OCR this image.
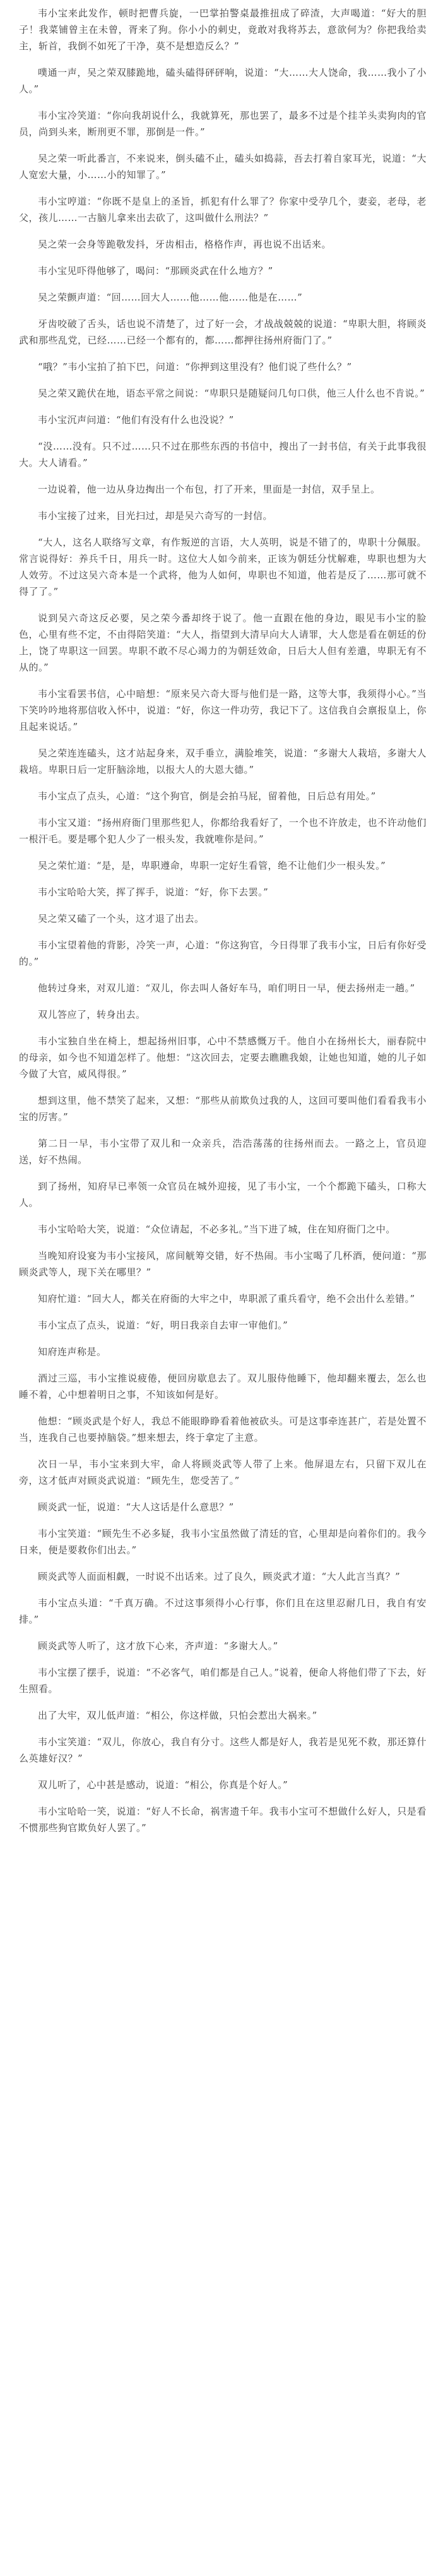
韦小宝来此发作，顿时把曹兵旋，一巴掌拍警桌最推扭成了碎渣，大声喝道：“好大的胆子！我菜铺曾主在未曾，胥来了狗。你小小的刺史，竟敢对我将苏去，意欲何为？你把我给卖主，斩首，我倒不如死了干净，莫不是想造反么？”

噗通一声，吴之荣双膝跪地，磕头磕得砰砰响，说道：“大……大人饶命，我……我小了小人。”

韦小宝冷笑道：“你向我胡说什么，我就算死，那也罢了，最多不过是个挂羊头卖狗肉的官员，尚到头来，断刑更不罪，那倒是一件。”

吴之荣一听此番言，不来说来，倒头磕不止，磕头如捣蒜，吾去打着自家耳光，说道：“大人宽宏大量，小……小的知罪了。”

韦小宝哼道：“你既不是皇上的圣旨，抓犯有什么罪了？你家中受孕几个，妻妾，老母，老父，孩儿……一古脑儿拿来出去砍了，这叫做什么刑法？”

吴之荣一会身等跪敬发抖，牙齿相击，格格作声，再也说不出话来。

韦小宝见吓得他够了，喝问：“那顾炎武在什么地方？”

吴之荣颤声道：“回……回大人……他……他……他是在……”

牙齿咬破了舌头，话也说不清楚了，过了好一会，才战战兢兢的说道：“卑职大胆，将顾炎武和那些乱党，已经……已经一个都有的，都……都押往扬州府衙门了。”

“哦？”韦小宝拍了拍下巴，问道：“你押到这里没有？他们说了些什么？”

吴之荣又跪伏在地，语态平常之间说：“卑职只是随疑问几句口供，他三人什么也不肯说。”

韦小宝沉声问道：“他们有没有什么也没说？”

“没……没有。只不过……只不过在那些东西的书信中，搜出了一封书信，有关于此事我很大。大人请看。”

一边说着，他一边从身边掏出一个布包，打了开来，里面是一封信，双手呈上。

韦小宝接了过来，目光扫过，却是吴六奇写的一封信。

“大人，这名人联络写文章，有作叛逆的言语，大人英明，说是不错了的，卑职十分佩服。常言说得好：养兵千日，用兵一时。这位大人如今前来，正该为朝廷分忧解难，卑职也想为大人效劳。不过这吴六奇本是一个武将，他为人如何，卑职也不知道，他若是反了……那可就不得了了。”

说到吴六奇这反必要，吴之荣今番却终于说了。他一直跟在他的身边，眼见韦小宝的脸色，心里有些不定，不由得陪笑道：“大人，指望到大清早向大人请罪，大人您是看在朝廷的份上，饶了卑职这一回罢。卑职不敢不尽心竭力的为朝廷效命，日后大人但有差遣，卑职无有不从的。”

韦小宝看罢书信，心中暗想：“原来吴六奇大哥与他们是一路，这等大事，我须得小心。”当下笑吟吟地将那信收入怀中，说道：“好，你这一件功劳，我记下了。这信我自会禀报皇上，你且起来说话。”

吴之荣连连磕头，这才站起身来，双手垂立，满脸堆笑，说道：“多谢大人栽培，多谢大人栽培。卑职日后一定肝脑涂地，以报大人的大恩大德。”

韦小宝点了点头，心道：“这个狗官，倒是会拍马屁，留着他，日后总有用处。”

韦小宝又道：“扬州府衙门里那些犯人，你都给我看好了，一个也不许放走，也不许动他们一根汗毛。要是哪个犯人少了一根头发，我就唯你是问。”

吴之荣忙道：“是，是，卑职遵命，卑职一定好生看管，绝不让他们少一根头发。”

韦小宝哈哈大笑，挥了挥手，说道：“好，你下去罢。”

吴之荣又磕了一个头，这才退了出去。

韦小宝望着他的背影，冷笑一声，心道：“你这狗官，今日得罪了我韦小宝，日后有你好受的。”

他转过身来，对双儿道：“双儿，你去叫人备好车马，咱们明日一早，便去扬州走一趟。”

双儿答应了，转身出去。

韦小宝独自坐在椅上，想起扬州旧事，心中不禁感慨万千。他自小在扬州长大，丽春院中的母亲，如今也不知道怎样了。他想：“这次回去，定要去瞧瞧我娘，让她也知道，她的儿子如今做了大官，威风得很。”

想到这里，他不禁笑了起来，又想：“那些从前欺负过我的人，这回可要叫他们看看我韦小宝的厉害。”

第二日一早，韦小宝带了双儿和一众亲兵，浩浩荡荡的往扬州而去。一路之上，官员迎送，好不热闹。

到了扬州，知府早已率领一众官员在城外迎接，见了韦小宝，一个个都跪下磕头，口称大人。

韦小宝哈哈大笑，说道：“众位请起，不必多礼。”当下进了城，住在知府衙门之中。

当晚知府设宴为韦小宝接风，席间觥筹交错，好不热闹。韦小宝喝了几杯酒，便问道：“那顾炎武等人，现下关在哪里？”

知府忙道：“回大人，都关在府衙的大牢之中，卑职派了重兵看守，绝不会出什么差错。”

韦小宝点了点头，说道：“好，明日我亲自去审一审他们。”

知府连声称是。

酒过三巡，韦小宝推说疲倦，便回房歇息去了。双儿服侍他睡下，他却翻来覆去，怎么也睡不着，心中想着明日之事，不知该如何是好。

他想：“顾炎武是个好人，我总不能眼睁睁看着他被砍头。可是这事牵连甚广，若是处置不当，连我自己也要掉脑袋。”想来想去，终于拿定了主意。

次日一早，韦小宝来到大牢，命人将顾炎武等人带了上来。他屏退左右，只留下双儿在旁，这才低声对顾炎武说道：“顾先生，您受苦了。”

顾炎武一怔，说道：“大人这话是什么意思？”

韦小宝笑道：“顾先生不必多疑，我韦小宝虽然做了清廷的官，心里却是向着你们的。我今日来，便是要救你们出去。”

顾炎武等人面面相觑，一时说不出话来。过了良久，顾炎武才道：“大人此言当真？”

韦小宝点头道：“千真万确。不过这事须得小心行事，你们且在这里忍耐几日，我自有安排。”

顾炎武等人听了，这才放下心来，齐声道：“多谢大人。”

韦小宝摆了摆手，说道：“不必客气，咱们都是自己人。”说着，便命人将他们带了下去，好生照看。

出了大牢，双儿低声道：“相公，你这样做，只怕会惹出大祸来。”

韦小宝笑道：“双儿，你放心，我自有分寸。这些人都是好人，我若是见死不救，那还算什么英雄好汉？”

双儿听了，心中甚是感动，说道：“相公，你真是个好人。”

韦小宝哈哈一笑，说道：“好人不长命，祸害遗千年。我韦小宝可不想做什么好人，只是看不惯那些狗官欺负好人罢了。”
